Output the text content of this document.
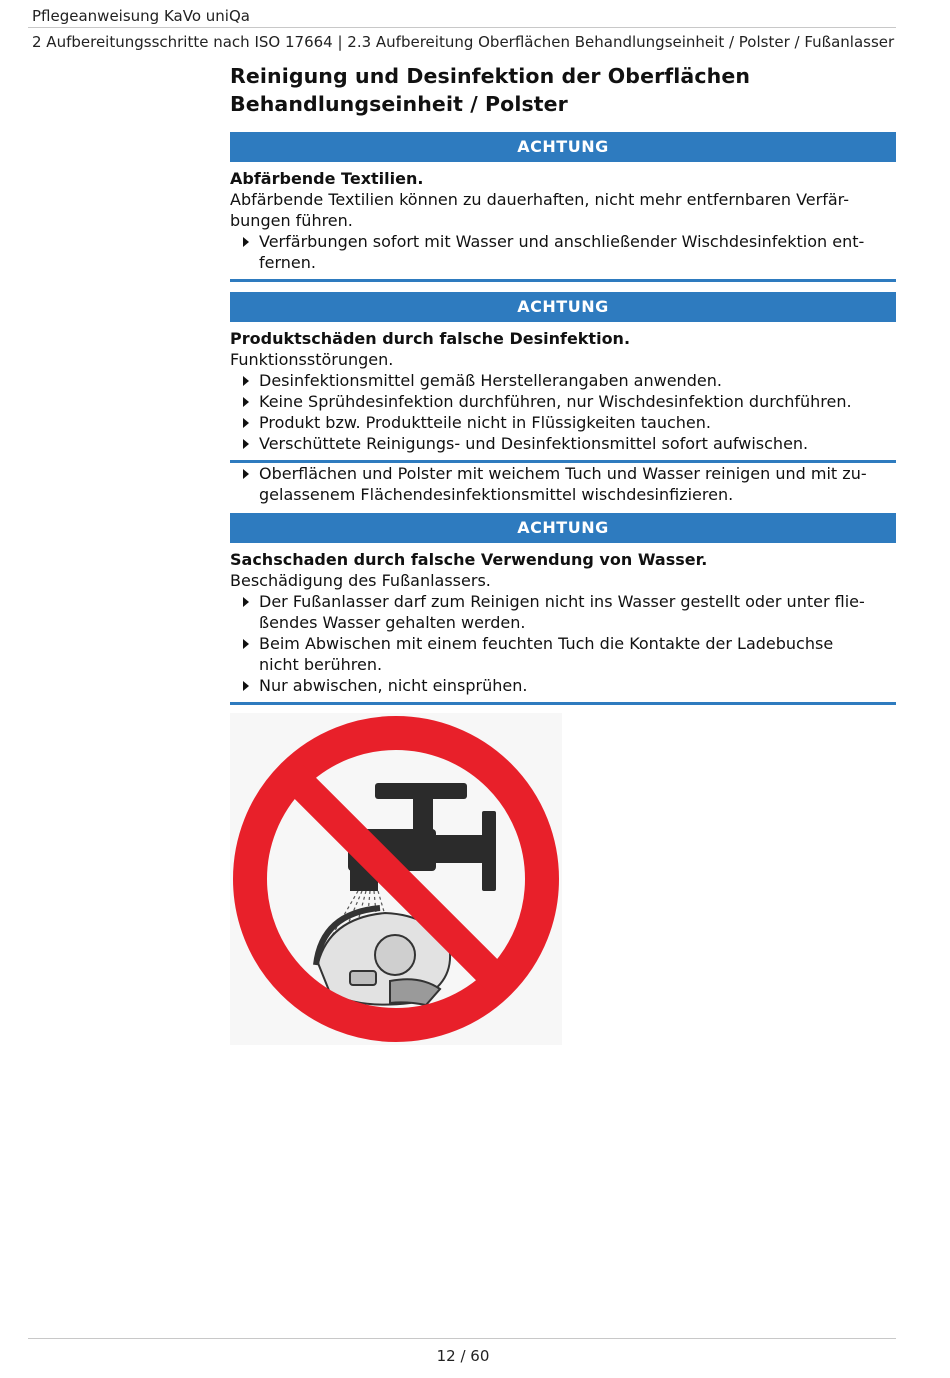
Pflegeanweisung KaVo uniQa
2 Aufbereitungsschritte nach ISO 17664 | 2.3 Aufbereitung Oberflächen Behandlungseinheit / Polster / Fußanlasser
Reinigung und Desinfektion der Oberflächen
Behandlungseinheit / Polster
ACHTUNG
Abfärbende Textilien.
Abfärbende Textilien können zu dauerhaften, nicht mehr entfernbaren Verfär-
bungen führen.
Verfärbungen sofort mit Wasser und anschließender Wischdesinfektion ent-
fernen.
ACHTUNG
Produktschäden durch falsche Desinfektion.
Funktionsstörungen.
Desinfektionsmittel gemäß Herstellerangaben anwenden.
Keine Sprühdesinfektion durchführen, nur Wischdesinfektion durchführen.
Produkt bzw. Produktteile nicht in Flüssigkeiten tauchen.
Verschüttete Reinigungs- und Desinfektionsmittel sofort aufwischen.
Oberflächen und Polster mit weichem Tuch und Wasser reinigen und mit zu-
gelassenem Flächendesinfektionsmittel wischdesinfizieren.
ACHTUNG
Sachschaden durch falsche Verwendung von Wasser.
Beschädigung des Fußanlassers.
Der Fußanlasser darf zum Reinigen nicht ins Wasser gestellt oder unter flie-
ßendes Wasser gehalten werden.
Beim Abwischen mit einem feuchten Tuch die Kontakte der Ladebuchse
nicht berühren.
Nur abwischen, nicht einsprühen.
12 / 60
